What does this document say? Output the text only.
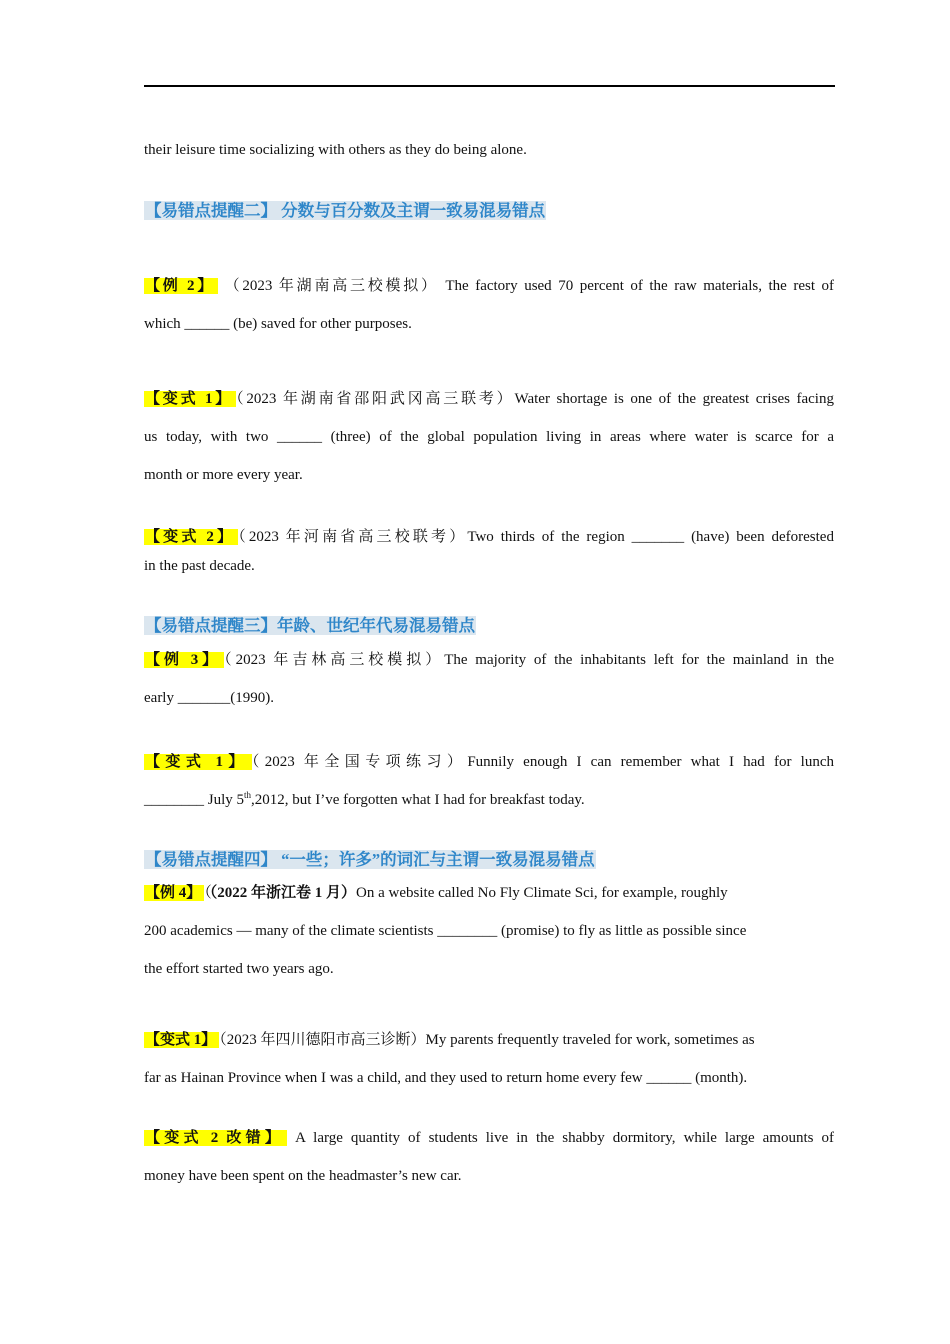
their leisure time socializing with others as they do being alone.
【易错点提醒二】 分数与百分数及主谓一致易混易错点
【例 2】 （2023 年湖南高三校模拟） The factory used 70 percent of the raw materials, the rest of
which ______ (be) saved for other purposes.
【变式 1】 （2023 年湖南省邵阳武冈高三联考）Water shortage is one of the greatest crises facing
us today, with two ______ (three) of the global population living in areas where water is scarce for a
month or more every year.
【变式 2】 （2023 年河南省高三校联考）Two thirds of the region _______ (have) been deforested
in the past decade.
【易错点提醒三】年龄、世纪年代易混易错点
【例 3】 （2023 年吉林高三校模拟）The majority of the inhabitants left for the mainland in the
early _______(1990).
【变式 1】 （2023 年全国专项练习）Funnily enough I can remember what I had for lunch
________ July 5th,2012, but I’ve forgotten what I had for breakfast today.
【易错点提醒四】 “一些；许多”的词汇与主谓一致易混易错点
【例 4】 （（2022 年浙江卷 1 月）On a website called No Fly Climate Sci, for example, roughly
200 academics — many of the climate scientists ________ (promise) to fly as little as possible since
the effort started two years ago.
【变式 1】 （2023 年四川德阳市高三诊断）My parents frequently traveled for work, sometimes as
far as Hainan Province when I was a child, and they used to return home every few ______ (month).
【变式 2 改错】 A large quantity of students live in the shabby dormitory, while large amounts of
money have been spent on the headmaster’s new car.
